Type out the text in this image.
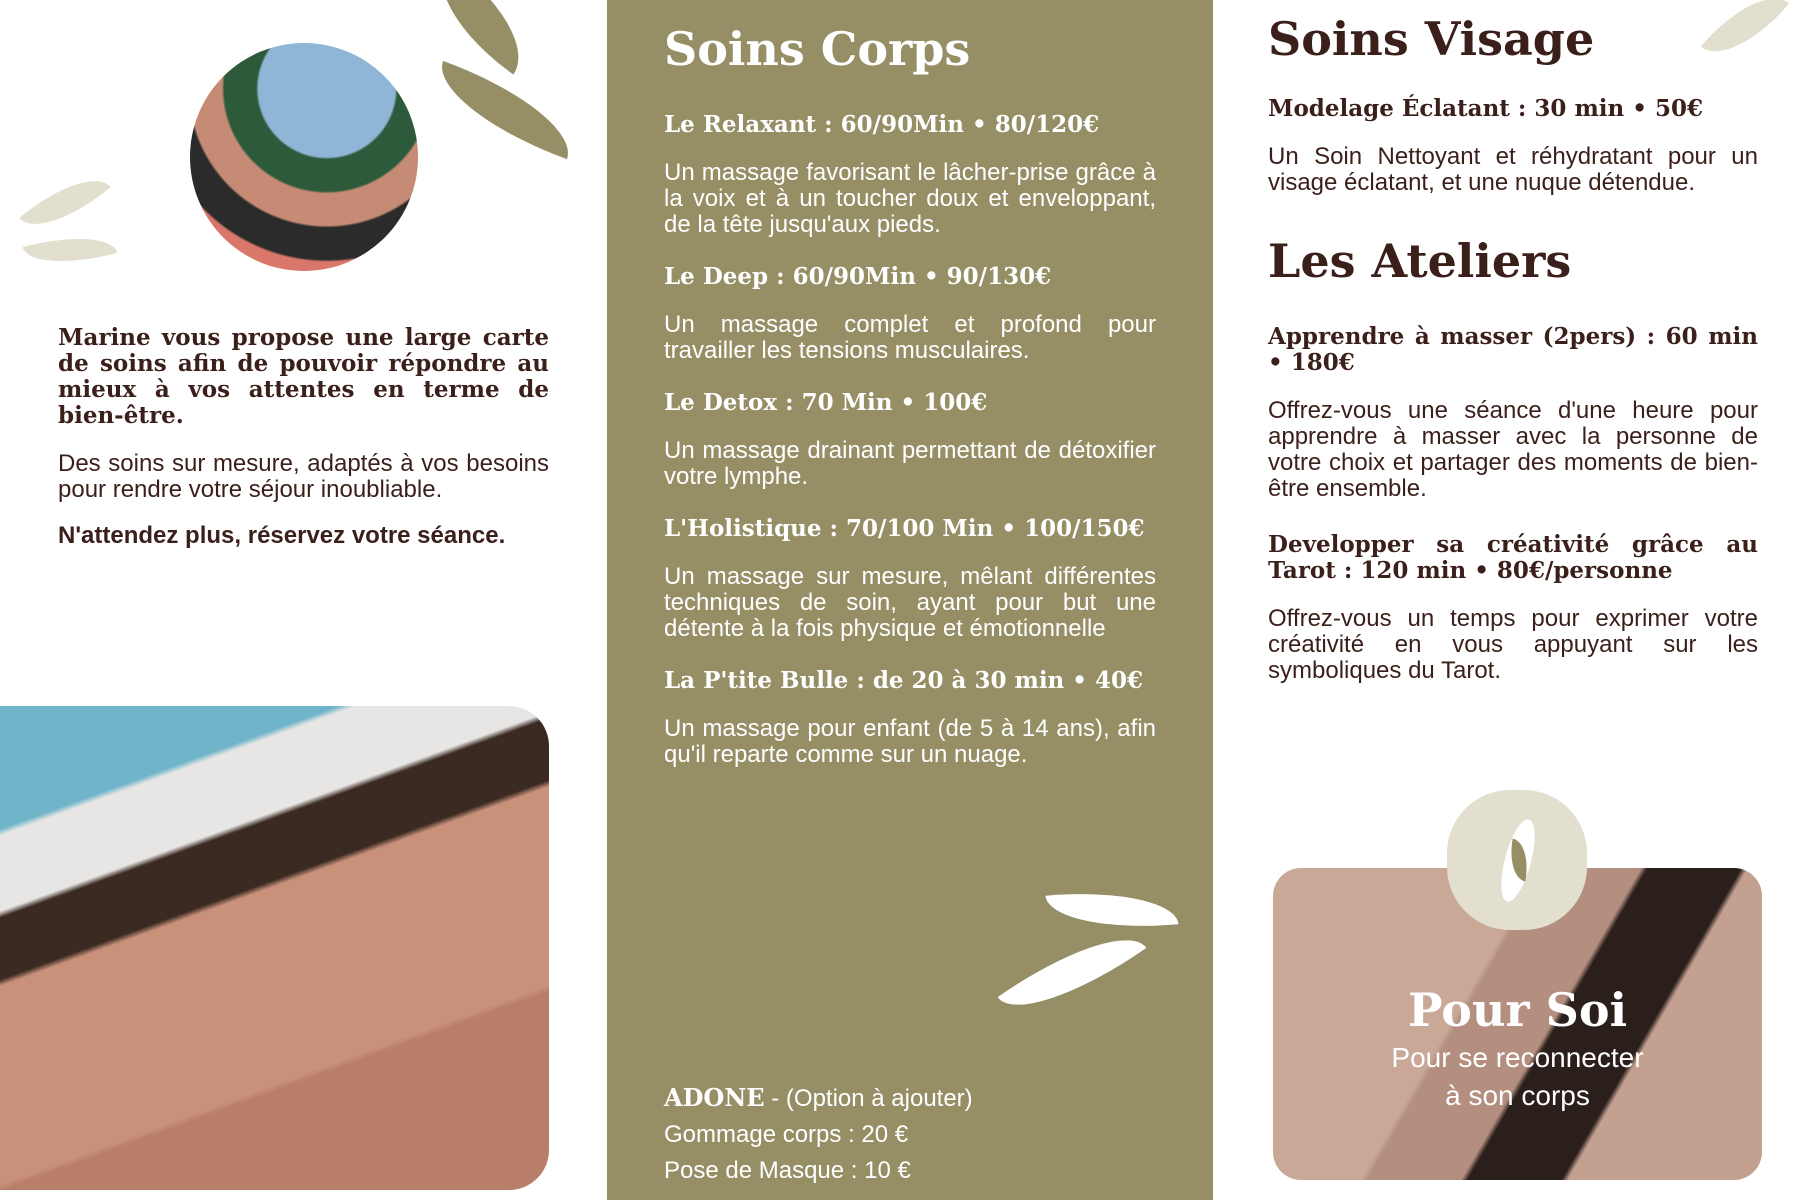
Marine vous propose une large carte de soins afin de pouvoir répondre au mieux à vos attentes en terme de bien-être.
Des soins sur mesure, adaptés à vos besoins pour rendre votre séjour inoubliable.
N'attendez plus, réservez votre séance.
Soins Corps
Le Relaxant : 60/90Min • 80/120€
Un massage favorisant le lâcher-prise grâce à la voix et à un toucher doux et enveloppant, de la tête jusqu'aux pieds.
Le Deep : 60/90Min • 90/130€
Un massage complet et profond pour travailler les tensions musculaires.
Le Detox : 70 Min • 100€
Un massage drainant permettant de détoxifier votre lymphe.
L'Holistique : 70/100 Min • 100/150€
Un massage sur mesure, mêlant différentes techniques de soin, ayant pour but une détente à la fois physique et émotionnelle
La P'tite Bulle : de 20 à 30 min • 40€
Un massage pour enfant (de 5 à 14 ans), afin qu'il reparte comme sur un nuage.
ADONE - (Option à ajouter)
Gommage corps : 20 €
Pose de Masque : 10 €
Soins Visage
Modelage Éclatant : 30 min • 50€
Un Soin Nettoyant et réhydratant pour un visage éclatant, et une nuque détendue.
Les Ateliers
Apprendre à masser (2pers) : 60 min • 180€
Offrez-vous une séance d'une heure pour apprendre à masser avec la personne de votre choix et partager des moments de bien-être ensemble.
Developper sa créativité grâce au Tarot : 120 min • 80€/personne
Offrez-vous un temps pour exprimer votre créativité en vous appuyant sur les symboliques du Tarot.
Pour Soi
Pour se reconnecter
à son corps
